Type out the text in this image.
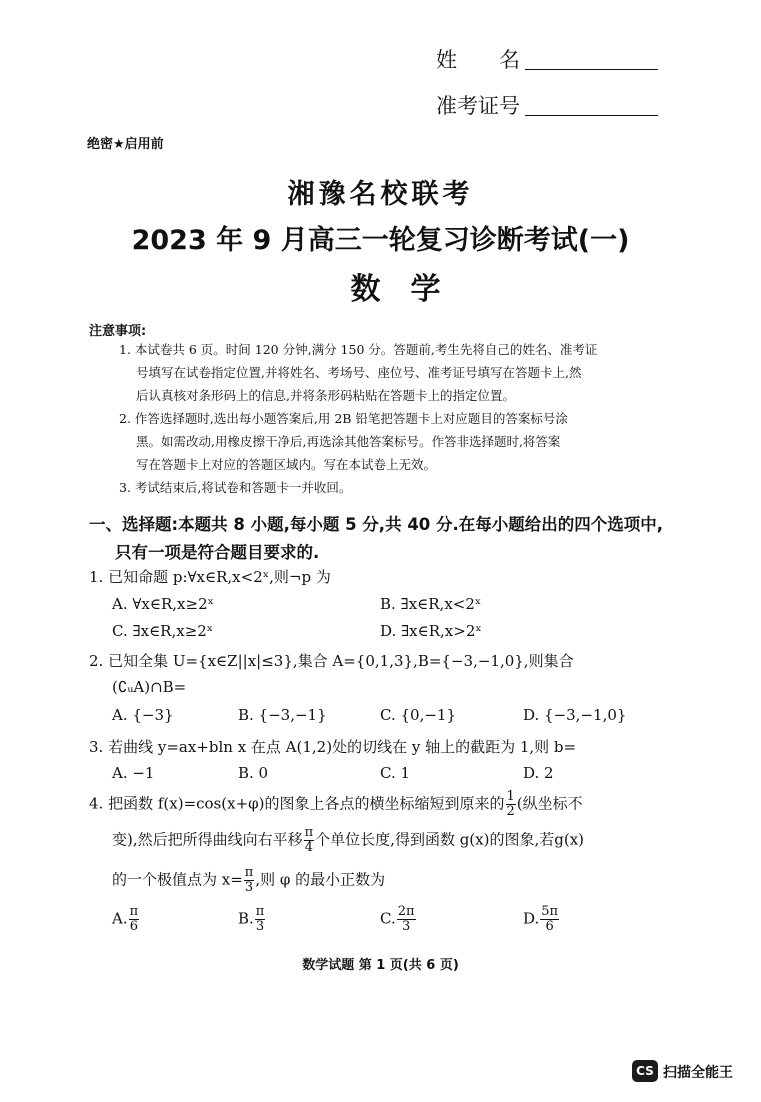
姓　　名
准考证号
绝密★启用前
湘豫名校联考
2023 年 9 月高三一轮复习诊断考试(一)
数学
注意事项:
1. 本试卷共 6 页。时间 120 分钟,满分 150 分。答题前,考生先将自己的姓名、准考证
号填写在试卷指定位置,并将姓名、考场号、座位号、准考证号填写在答题卡上,然
后认真核对条形码上的信息,并将条形码粘贴在答题卡上的指定位置。
2. 作答选择题时,选出每小题答案后,用 2B 铅笔把答题卡上对应题目的答案标号涂
黑。如需改动,用橡皮擦干净后,再选涂其他答案标号。作答非选择题时,将答案
写在答题卡上对应的答题区域内。写在本试卷上无效。
3. 考试结束后,将试卷和答题卡一并收回。
一、选择题:本题共 8 小题,每小题 5 分,共 40 分.在每小题给出的四个选项中,
只有一项是符合题目要求的.
1. 已知命题 p:∀x∈R,x<2ˣ,则¬p 为
A. ∀x∈R,x≥2ˣ	B. ∃x∈R,x<2ˣ
C. ∃x∈R,x≥2ˣ	D. ∃x∈R,x>2ˣ
2. 已知全集 U={x∈Z||x|≤3},集合 A={0,1,3},B={−3,−1,0},则集合
(∁ᵤA)∩B=
A. {−3}	B. {−3,−1}	C. {0,−1}	D. {−3,−1,0}
3. 若曲线 y=ax+bln x 在点 A(1,2)处的切线在 y 轴上的截距为 1,则 b=
A. −1	B. 0	C. 1	D. 2
4. 把函数 f(x)=cos(x+φ)的图象上各点的横坐标缩短到原来的 $\frac{1}{2}$ (纵坐标不
变),然后把所得曲线向右平移 $\frac{\pi}{4}$ 个单位长度,得到函数 g(x)的图象,若g(x)
的一个极值点为 $x= \frac{\pi}{3}$ ,则 φ 的最小正数为
A. $\frac{\pi}{6}$	B. $\frac{\pi}{3}$	C. $\frac{2\pi}{3}$	D. $\frac{5\pi}{6}$
数学试题 第 1 页(共 6 页)
CS 扫描全能王
